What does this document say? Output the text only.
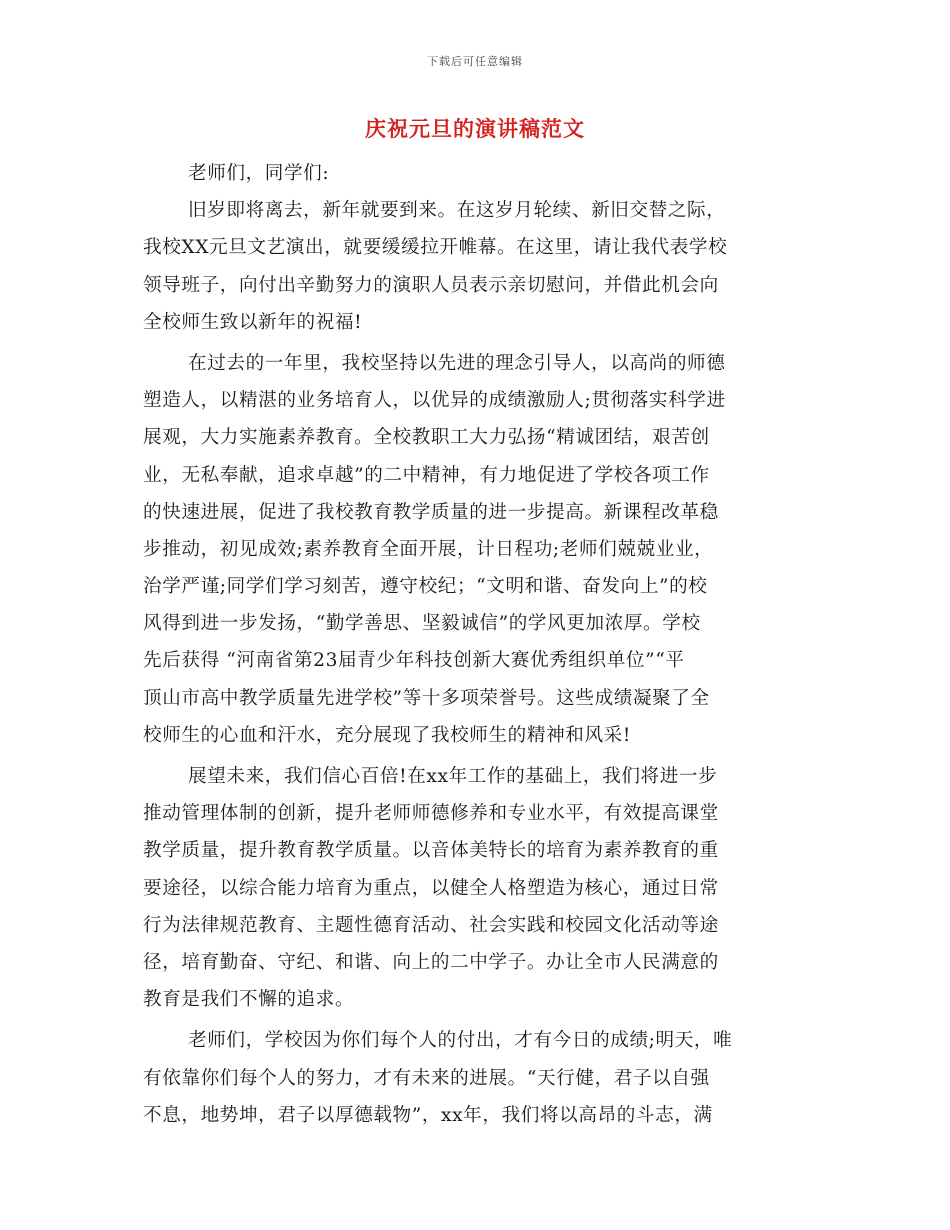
下载后可任意编辑
庆祝元旦的演讲稿范文
老师们，同学们:
旧岁即将离去，新年就要到来。在这岁月轮续、新旧交替之际，
我校XX元旦文艺演出，就要缓缓拉开帷幕。在这里，请让我代表学校
领导班子，向付出辛勤努力的演职人员表示亲切慰问，并借此机会向
全校师生致以新年的祝福!
在过去的一年里，我校坚持以先进的理念引导人，以高尚的师德
塑造人，以精湛的业务培育人，以优异的成绩激励人;贯彻落实科学进
展观，大力实施素养教育。全校教职工大力弘扬“精诚团结，艰苦创
业，无私奉献，追求卓越”的二中精神，有力地促进了学校各项工作
的快速进展，促进了我校教育教学质量的进一步提高。新课程改革稳
步推动，初见成效;素养教育全面开展，计日程功;老师们兢兢业业，
治学严谨;同学们学习刻苦，遵守校纪；“文明和谐、奋发向上”的校
风得到进一步发扬，“勤学善思、坚毅诚信”的学风更加浓厚。学校
先后获得 “河南省第23届青少年科技创新大赛优秀组织单位”“平
顶山市高中教学质量先进学校”等十多项荣誉号。这些成绩凝聚了全
校师生的心血和汗水，充分展现了我校师生的精神和风采!
展望未来，我们信心百倍!在xx年工作的基础上，我们将进一步
推动管理体制的创新，提升老师师德修养和专业水平，有效提高课堂
教学质量，提升教育教学质量。以音体美特长的培育为素养教育的重
要途径，以综合能力培育为重点，以健全人格塑造为核心，通过日常
行为法律规范教育、主题性德育活动、社会实践和校园文化活动等途
径，培育勤奋、守纪、和谐、向上的二中学子。办让全市人民满意的
教育是我们不懈的追求。
老师们，学校因为你们每个人的付出，才有今日的成绩;明天，唯
有依靠你们每个人的努力，才有未来的进展。“天行健，君子以自强
不息，地势坤，君子以厚德载物”，xx年，我们将以高昂的斗志，满
